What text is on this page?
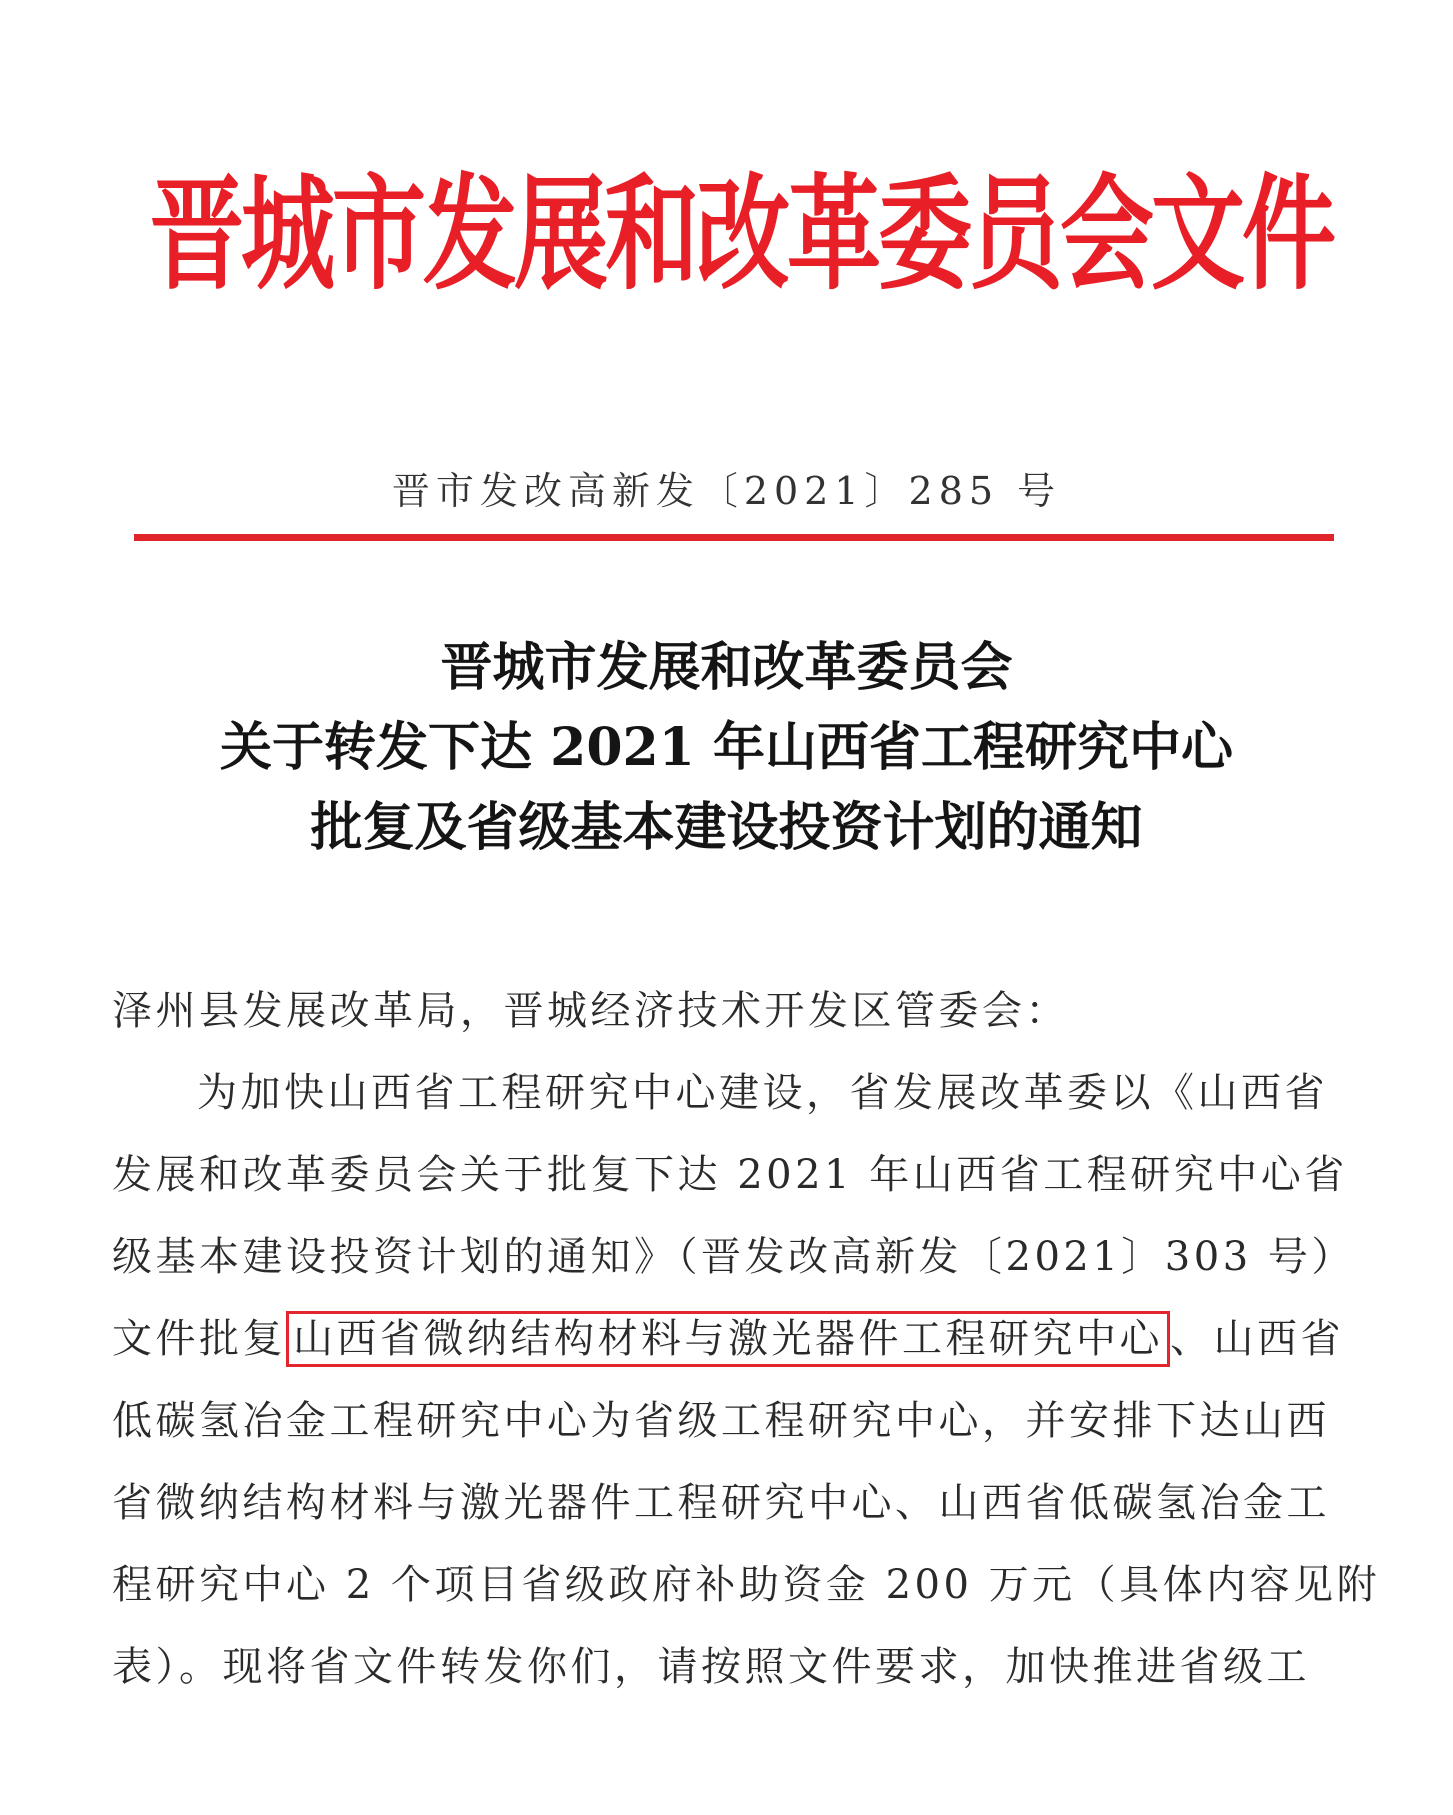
晋城市发展和改革委员会文件
晋市发改高新发〔2021〕285 号
晋城市发展和改革委员会
关于转发下达 2021 年山西省工程研究中心
批复及省级基本建设投资计划的通知
泽州县发展改革局，晋城经济技术开发区管委会：
为加快山西省工程研究中心建设，省发展改革委以《山西省
发展和改革委员会关于批复下达 2021 年山西省工程研究中心省
级基本建设投资计划的通知》（晋发改高新发〔2021〕303 号）
文件批复 山西省微纳结构材料与激光器件工程研究中心 、山西省
低碳氢冶金工程研究中心为省级工程研究中心，并安排下达山西
省微纳结构材料与激光器件工程研究中心、山西省低碳氢冶金工
程研究中心 2 个项目省级政府补助资金 200 万元（具体内容见附
表）。现将省文件转发你们，请按照文件要求，加快推进省级工
